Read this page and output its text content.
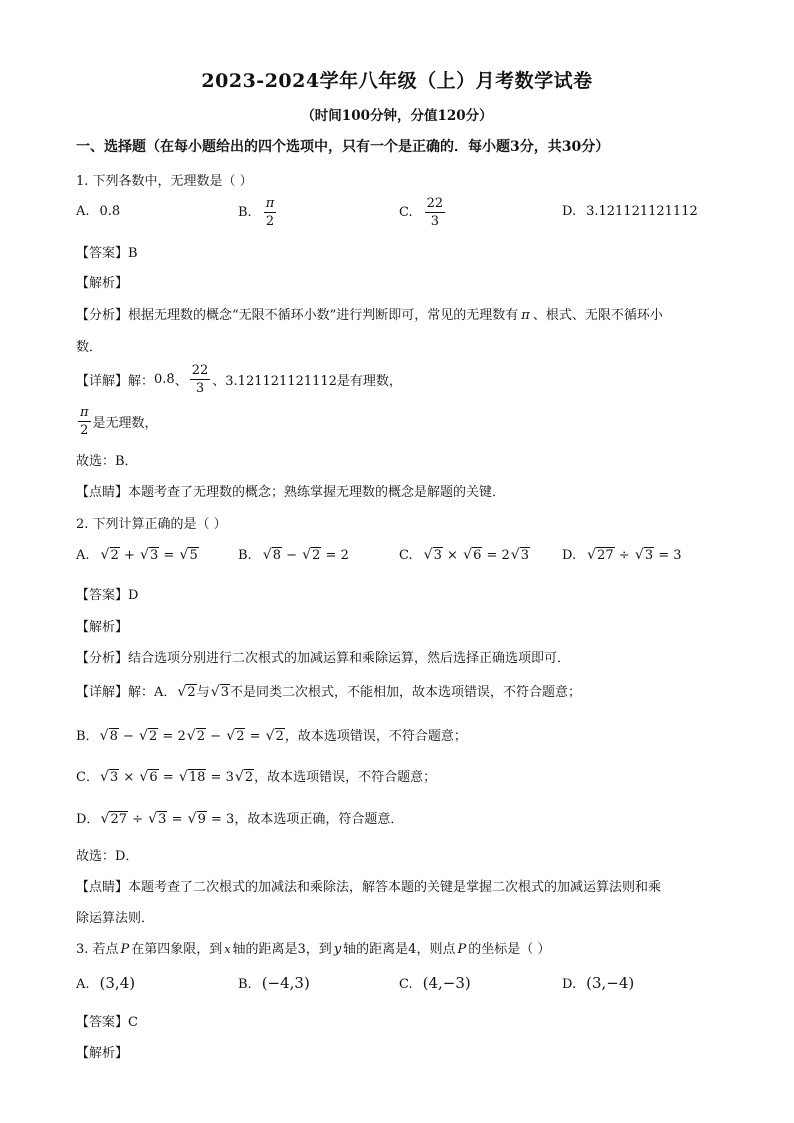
2023-2024学年八年级（上）月考数学试卷
（时间100分钟，分值120分）
一、选择题（在每小题给出的四个选项中，只有一个是正确的．每小题3分，共30分）
1. 下列各数中，无理数是（ ）
A. 0.8̇	B. $\frac{\pi}{2}$	C. $\frac{22}{3}$	D. 3.121121121112
【答案】B
【解析】
【分析】根据无理数的概念“无限不循环小数”进行判断即可，常见的无理数有 π 、根式、无限不循环小
数．
【详解】解：0.8̇、 $\frac{22}{3}$ 、3.121121121112是有理数，
$\frac{\pi}{2}$ 是无理数，
故选：B．
【点睛】本题考查了无理数的概念；熟练掌握无理数的概念是解题的关键．
2. 下列计算正确的是（ ）
A. √ 2 + √ 3 = √ 5	B. √ 8 − √ 2 = 2	C. √ 3 × √ 6 = 2 √ 3	D. √ 27 ÷ √ 3 = 3
【答案】D
【解析】
【分析】结合选项分别进行二次根式的加减运算和乘除运算，然后选择正确选项即可．
【详解】解：A． √ 2与 √ 3不是同类二次根式，不能相加，故本选项错误，不符合题意；
B． √ 8 − √ 2 = 2 √ 2 − √ 2 = √ 2，故本选项错误，不符合题意；
C． √ 3 × √ 6 = √ 18 = 3 √ 2，故本选项错误，不符合题意；
D． √ 27 ÷ √ 3 = √ 9 = 3，故本选项正确，符合题意．
故选：D．
【点睛】本题考查了二次根式的加减法和乘除法，解答本题的关键是掌握二次根式的加减运算法则和乘
除运算法则．
3. 若点 P 在第四象限，到 x 轴的距离是3，到 y 轴的距离是4，则点 P 的坐标是（ ）
A. (3,4)	B. (−4,3)	C. (4,−3)	D. (3,−4)
【答案】C
【解析】
